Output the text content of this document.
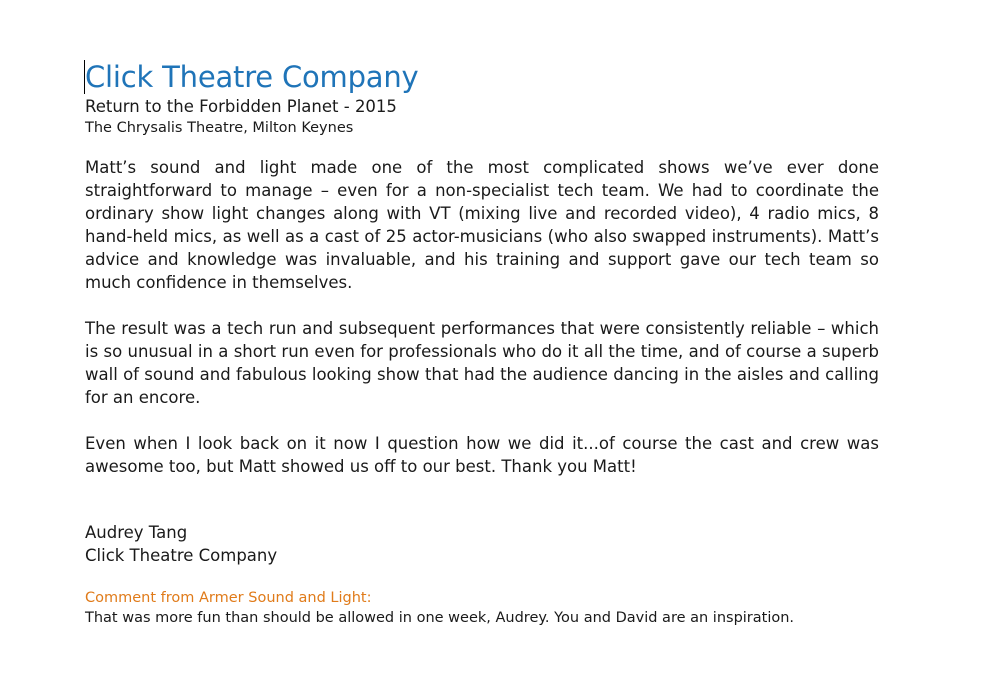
Click Theatre Company

Return to the Forbidden Planet - 2015

The Chrysalis Theatre, Milton Keynes

Matt’s sound and light made one of the most complicated shows we’ve ever done straightforward to manage – even for a non-specialist tech team. We had to coordinate the ordinary show light changes along with VT (mixing live and recorded video), 4 radio mics, 8 hand-held mics, as well as a cast of 25 actor-musicians (who also swapped instruments). Matt’s advice and knowledge was invaluable, and his training and support gave our tech team so much confidence in themselves.

The result was a tech run and subsequent performances that were consistently reliable – which is so unusual in a short run even for professionals who do it all the time, and of course a superb wall of sound and fabulous looking show that had the audience dancing in the aisles and calling for an encore.

Even when I look back on it now I question how we did it...of course the cast and crew was awesome too, but Matt showed us off to our best. Thank you Matt!

Audrey Tang

Click Theatre Company

Comment from Armer Sound and Light:

That was more fun than should be allowed in one week, Audrey. You and David are an inspiration.
